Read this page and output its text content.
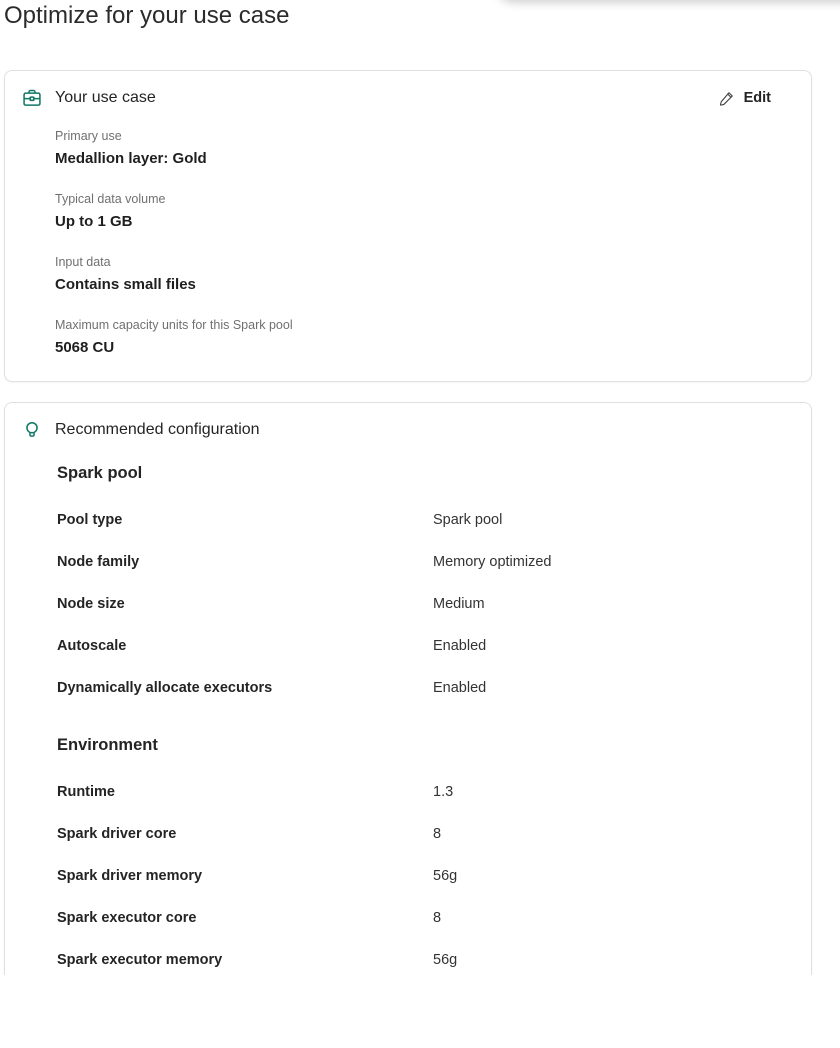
Optimize for your use case
Your use case	Edit
Primary use
Medallion layer: Gold
Typical data volume
Up to 1 GB
Input data
Contains small files
Maximum capacity units for this Spark pool
5068 CU
Recommended configuration
Spark pool
Pool type	Spark pool
Node family	Memory optimized
Node size	Medium
Autoscale	Enabled
Dynamically allocate executors	Enabled
Environment
Runtime	1.3
Spark driver core	8
Spark driver memory	56g
Spark executor core	8
Spark executor memory	56g
